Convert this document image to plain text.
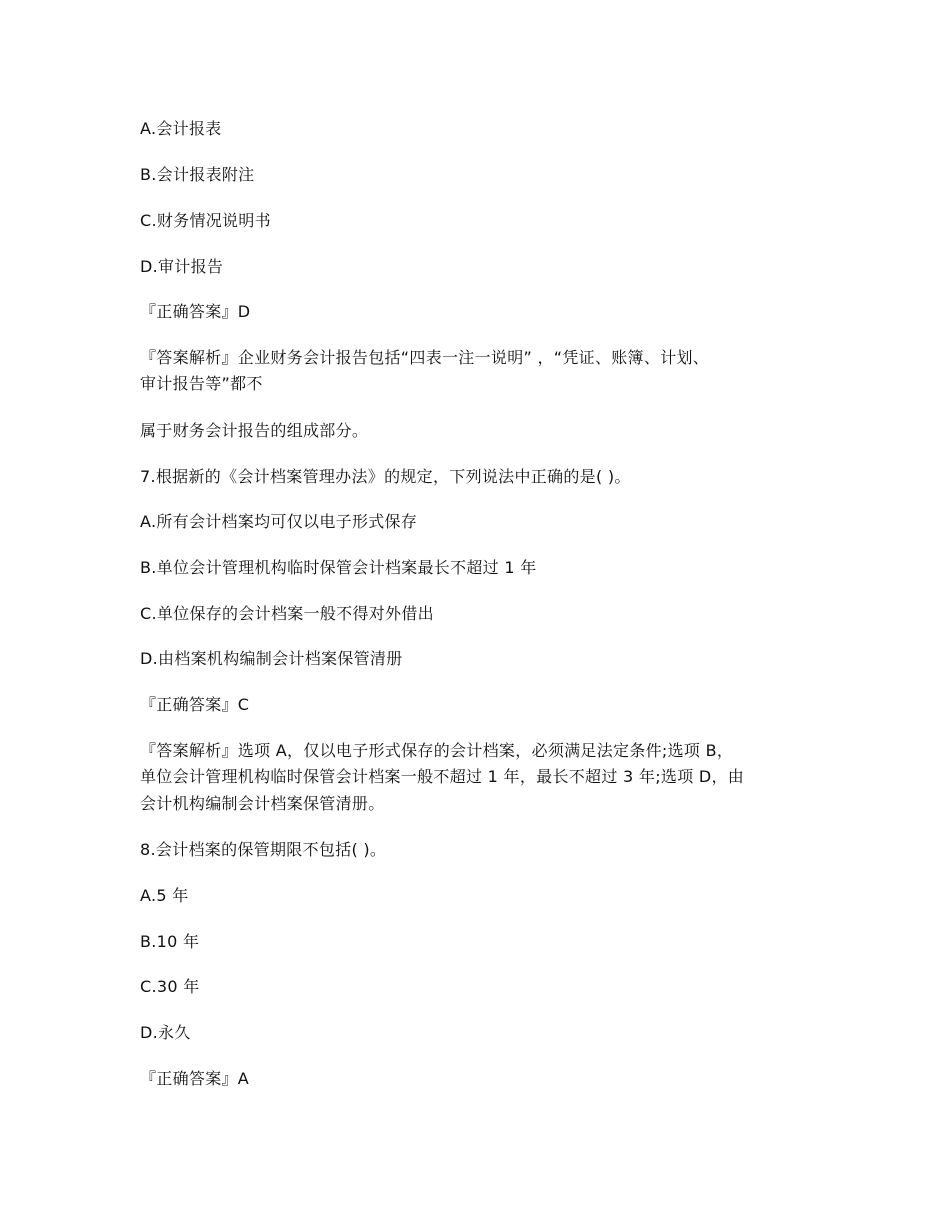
A.会计报表
B.会计报表附注
C.财务情况说明书
D.审计报告
『正确答案』D
『答案解析』企业财务会计报告包括“四表一注一说明” ，“凭证、账簿、计划、
审计报告等”都不
属于财务会计报告的组成部分。
7.根据新的《会计档案管理办法》的规定，下列说法中正确的是( )。
A.所有会计档案均可仅以电子形式保存
B.单位会计管理机构临时保管会计档案最长不超过 1 年
C.单位保存的会计档案一般不得对外借出
D.由档案机构编制会计档案保管清册
『正确答案』C
『答案解析』选项 A，仅以电子形式保存的会计档案，必须满足法定条件;选项 B，
单位会计管理机构临时保管会计档案一般不超过 1 年，最长不超过 3 年;选项 D，由
会计机构编制会计档案保管清册。
8.会计档案的保管期限不包括( )。
A.5 年
B.10 年
C.30 年
D.永久
『正确答案』A
